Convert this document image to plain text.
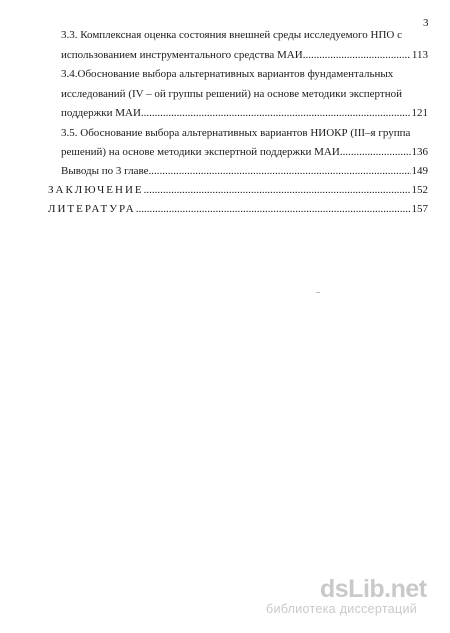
3
3.3. Комплексная оценка состояния внешней среды исследуемого НПО с
использованием инструментального средства МАИ. .....	113
3.4.Обоснование выбора альтернативных вариантов фундаментальных
исследований (IV – ой группы решений) на основе методики экспертной
поддержки МАИ .....	121
3.5. Обоснование выбора альтернативных вариантов НИОКР (III–я группа
решений) на основе методики экспертной поддержки МАИ .....	136
Выводы по 3 главе .....	149
ЗАКЛЮЧЕНИЕ .....	152
ЛИТЕРАТУРА .....	157
dsLib.net
библиотека диссертаций
